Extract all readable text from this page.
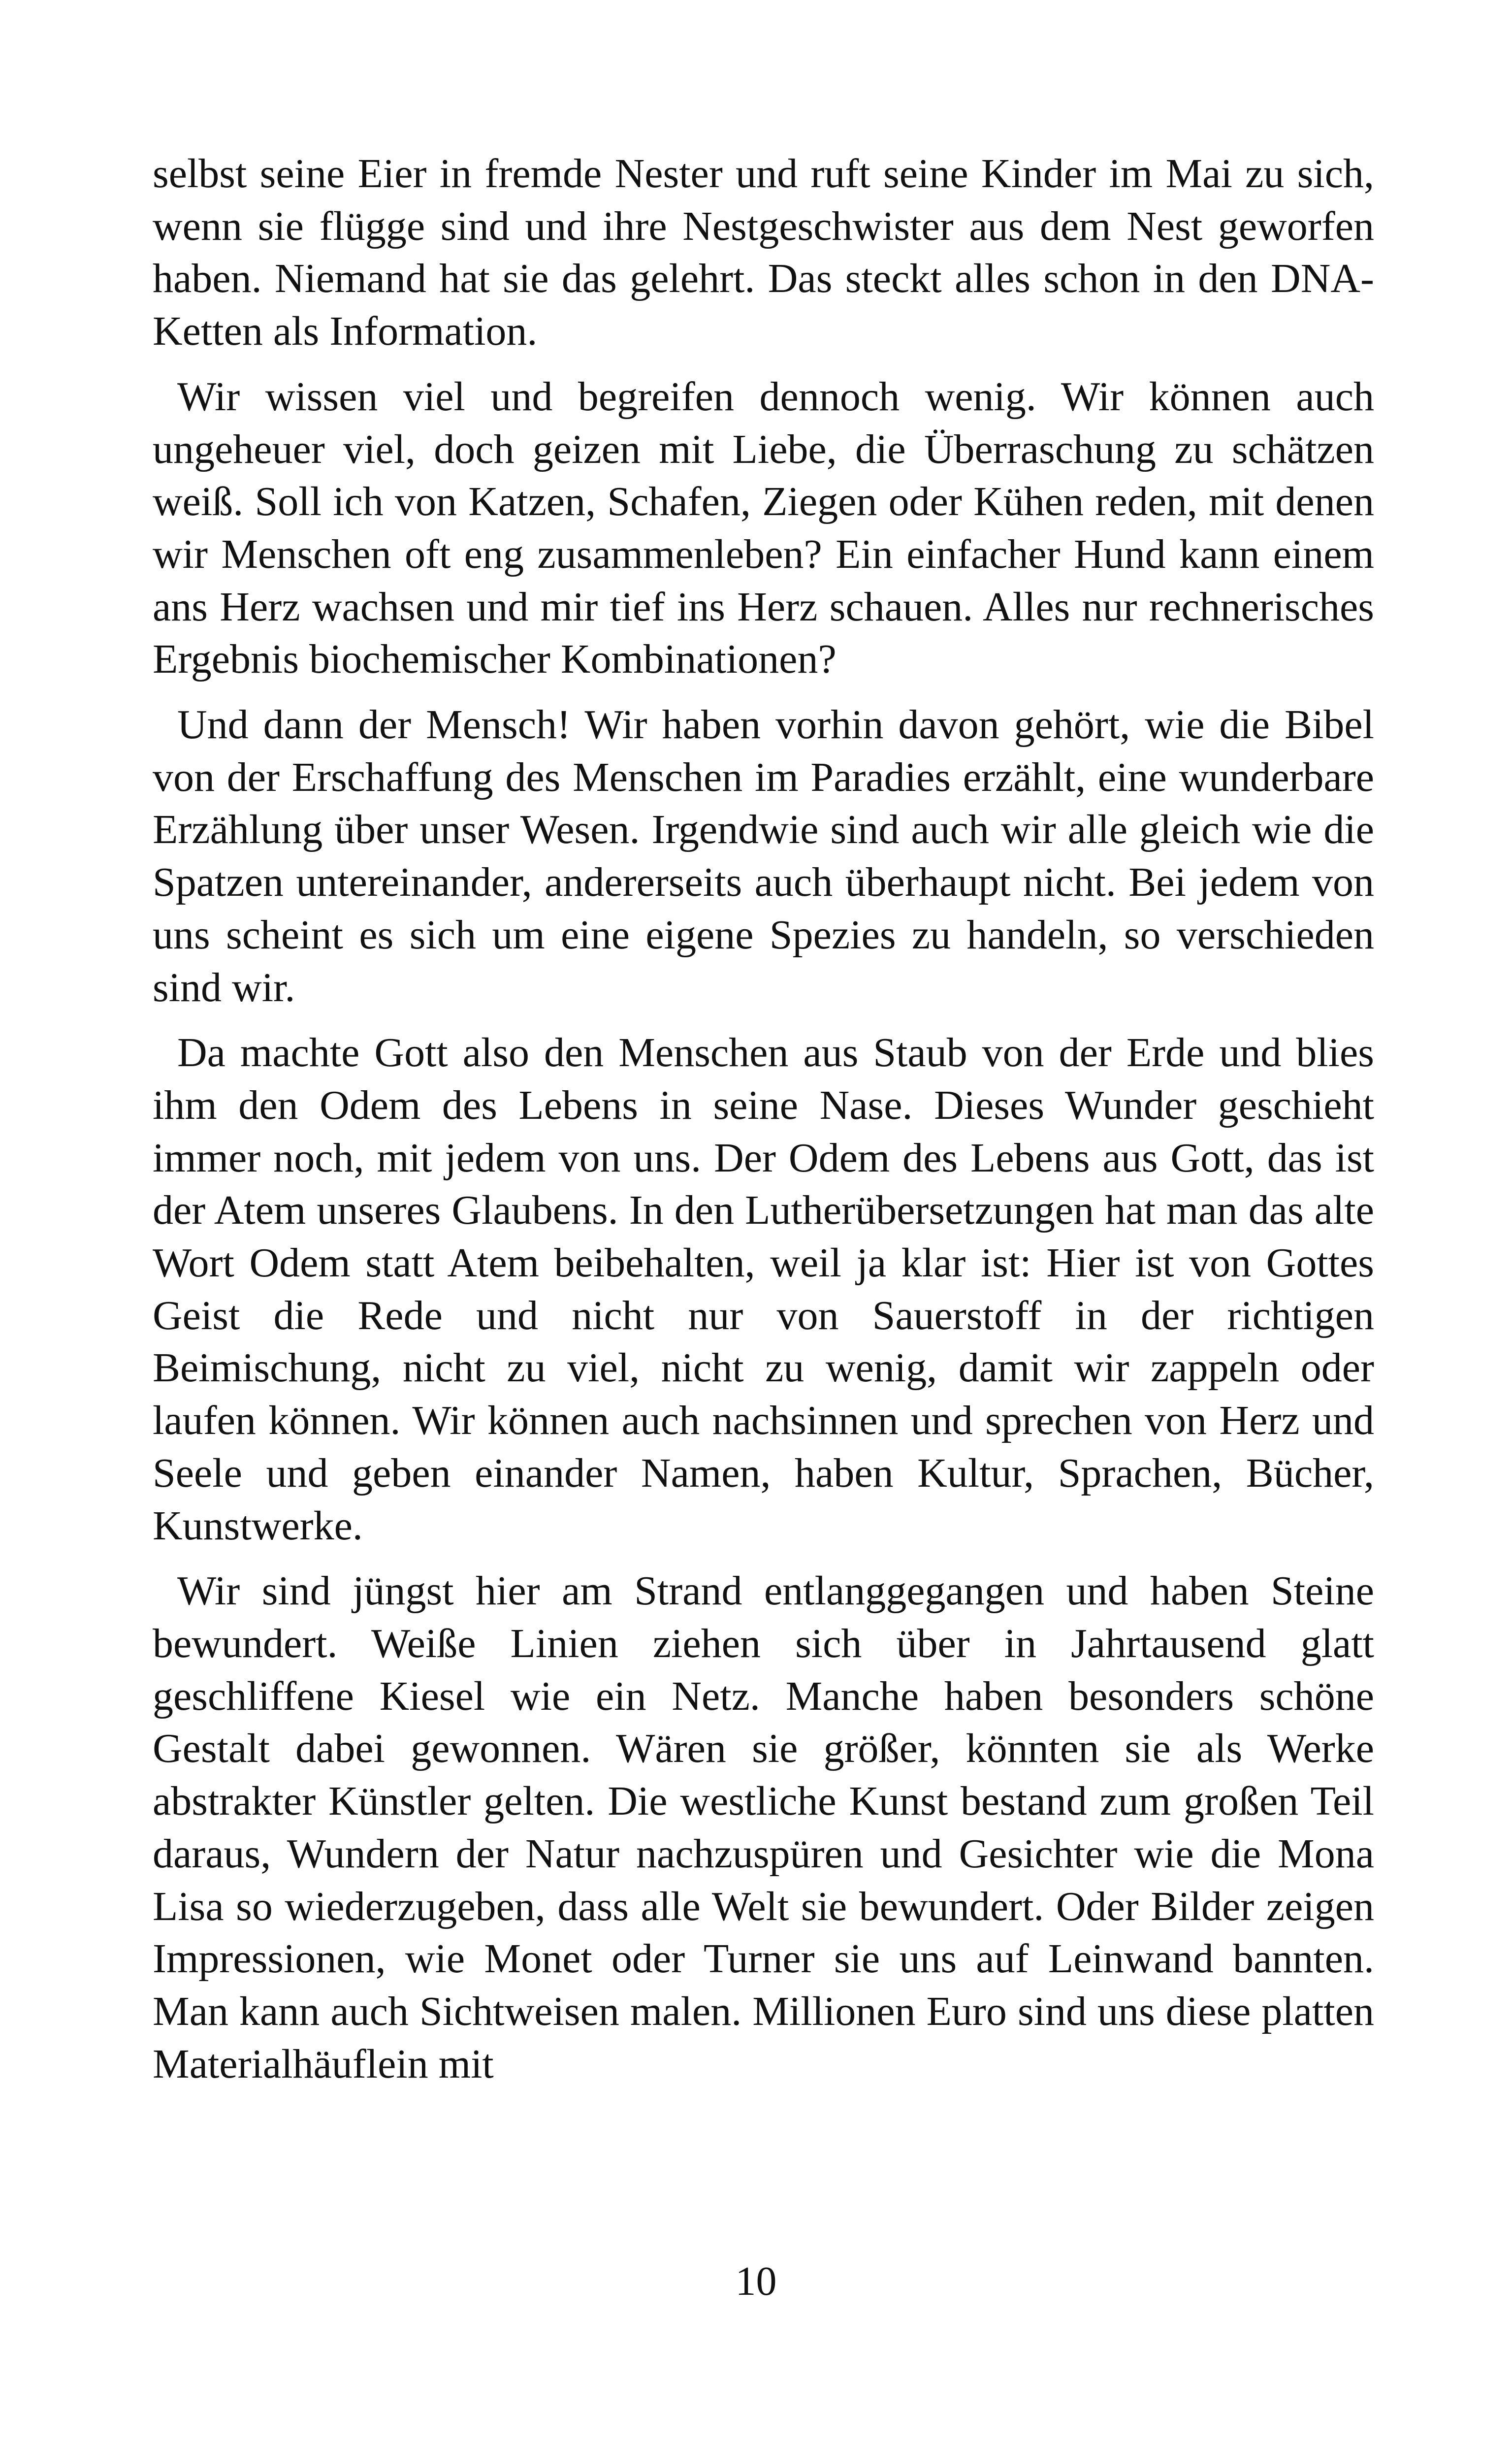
selbst seine Eier in fremde Nester und ruft seine Kinder im Mai zu sich, wenn sie flügge sind und ihre Nestgeschwister aus dem Nest geworfen haben. Niemand hat sie das gelehrt. Das steckt alles schon in den DNA-Ketten als Information.

Wir wissen viel und begreifen dennoch wenig. Wir können auch ungeheuer viel, doch geizen mit Liebe, die Überraschung zu schätzen weiß. Soll ich von Katzen, Schafen, Ziegen oder Kühen reden, mit denen wir Menschen oft eng zusammenleben? Ein einfacher Hund kann einem ans Herz wachsen und mir tief ins Herz schauen. Alles nur rechnerisches Ergebnis biochemischer Kombinationen?

Und dann der Mensch! Wir haben vorhin davon gehört, wie die Bibel von der Erschaffung des Menschen im Paradies erzählt, eine wunderbare Erzählung über unser Wesen. Irgendwie sind auch wir alle gleich wie die Spatzen untereinander, andererseits auch überhaupt nicht. Bei jedem von uns scheint es sich um eine eigene Spezies zu handeln, so verschieden sind wir.

Da machte Gott also den Menschen aus Staub von der Erde und blies ihm den Odem des Lebens in seine Nase. Dieses Wunder geschieht immer noch, mit jedem von uns. Der Odem des Lebens aus Gott, das ist der Atem unseres Glaubens. In den Lutherübersetzungen hat man das alte Wort Odem statt Atem beibehalten, weil ja klar ist: Hier ist von Gottes Geist die Rede und nicht nur von Sauerstoff in der richtigen Beimischung, nicht zu viel, nicht zu wenig, damit wir zappeln oder laufen können. Wir können auch nachsinnen und sprechen von Herz und Seele und geben einander Namen, haben Kultur, Sprachen, Bücher, Kunstwerke.

Wir sind jüngst hier am Strand entlanggegangen und haben Steine bewundert. Weiße Linien ziehen sich über in Jahrtausend glatt geschliffene Kiesel wie ein Netz. Manche haben besonders schöne Gestalt dabei gewonnen. Wären sie größer, könnten sie als Werke abstrakter Künstler gelten. Die westliche Kunst bestand zum großen Teil daraus, Wundern der Natur nachzuspüren und Gesichter wie die Mona Lisa so wiederzugeben, dass alle Welt sie bewundert. Oder Bilder zeigen Impressionen, wie Monet oder Turner sie uns auf Leinwand bannten. Man kann auch Sichtweisen malen. Millionen Euro sind uns diese platten Materialhäuflein mit

10
